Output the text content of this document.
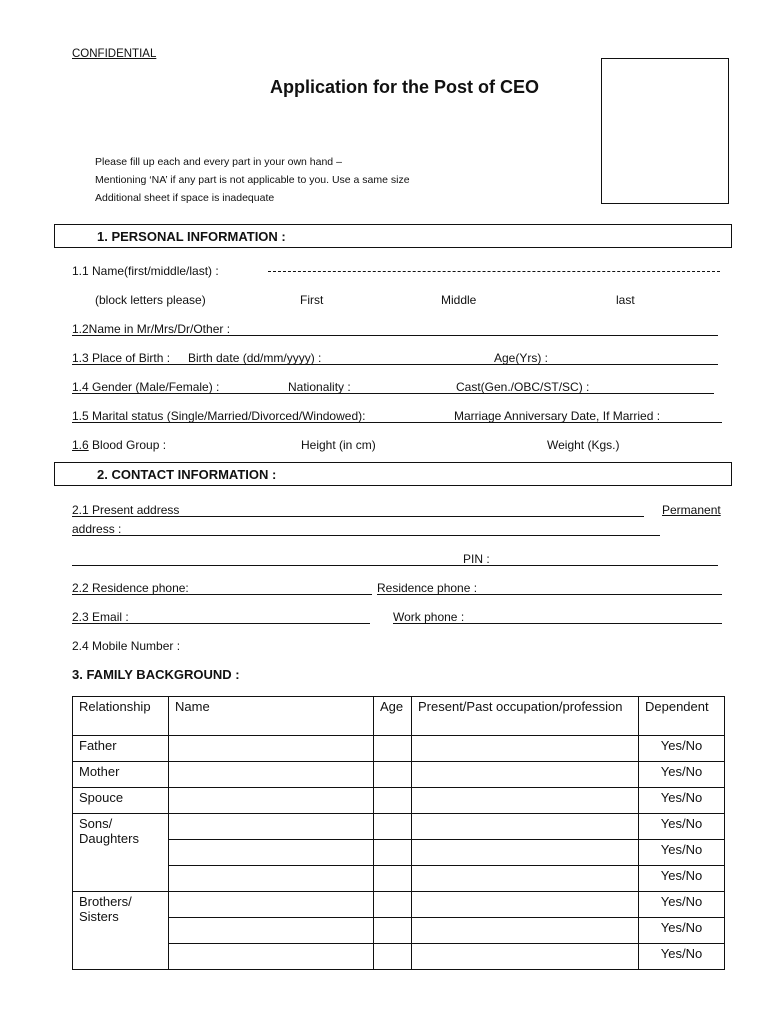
CONFIDENTIAL
Application for the Post of CEO
Please fill up each and every part in your own hand –
Mentioning ‘NA’ if any part is not applicable to you. Use a same size
Additional sheet if space is inadequate
1. PERSONAL INFORMATION :
1.1 Name(first/middle/last) :
(block letters please)	First	Middle	last
1.2Name in Mr/Mrs/Dr/Other :
1.3 Place of Birth : Birth date (dd/mm/yyyy) :	Age(Yrs) :
1.4 Gender (Male/Female) :	Nationality :	Cast(Gen./OBC/ST/SC) :
1.5 Marital status (Single/Married/Divorced/Windowed):	Marriage Anniversary Date, If Married :
1.6 Blood Group :	Height (in cm)	Weight (Kgs.)
2. CONTACT INFORMATION :
2.1 Present address	Permanent
address :
PIN :
2.2 Residence phone:	Residence phone :
2.3 Email :	Work phone :
2.4 Mobile Number :
3. FAMILY BACKGROUND :
Relationship	Name	Age	Present/Past occupation/profession	Dependent
Father				Yes/No
Mother				Yes/No
Spouce				Yes/No
Sons/ Daughters				Yes/No
				Yes/No
				Yes/No
Brothers/ Sisters				Yes/No
				Yes/No
				Yes/No
